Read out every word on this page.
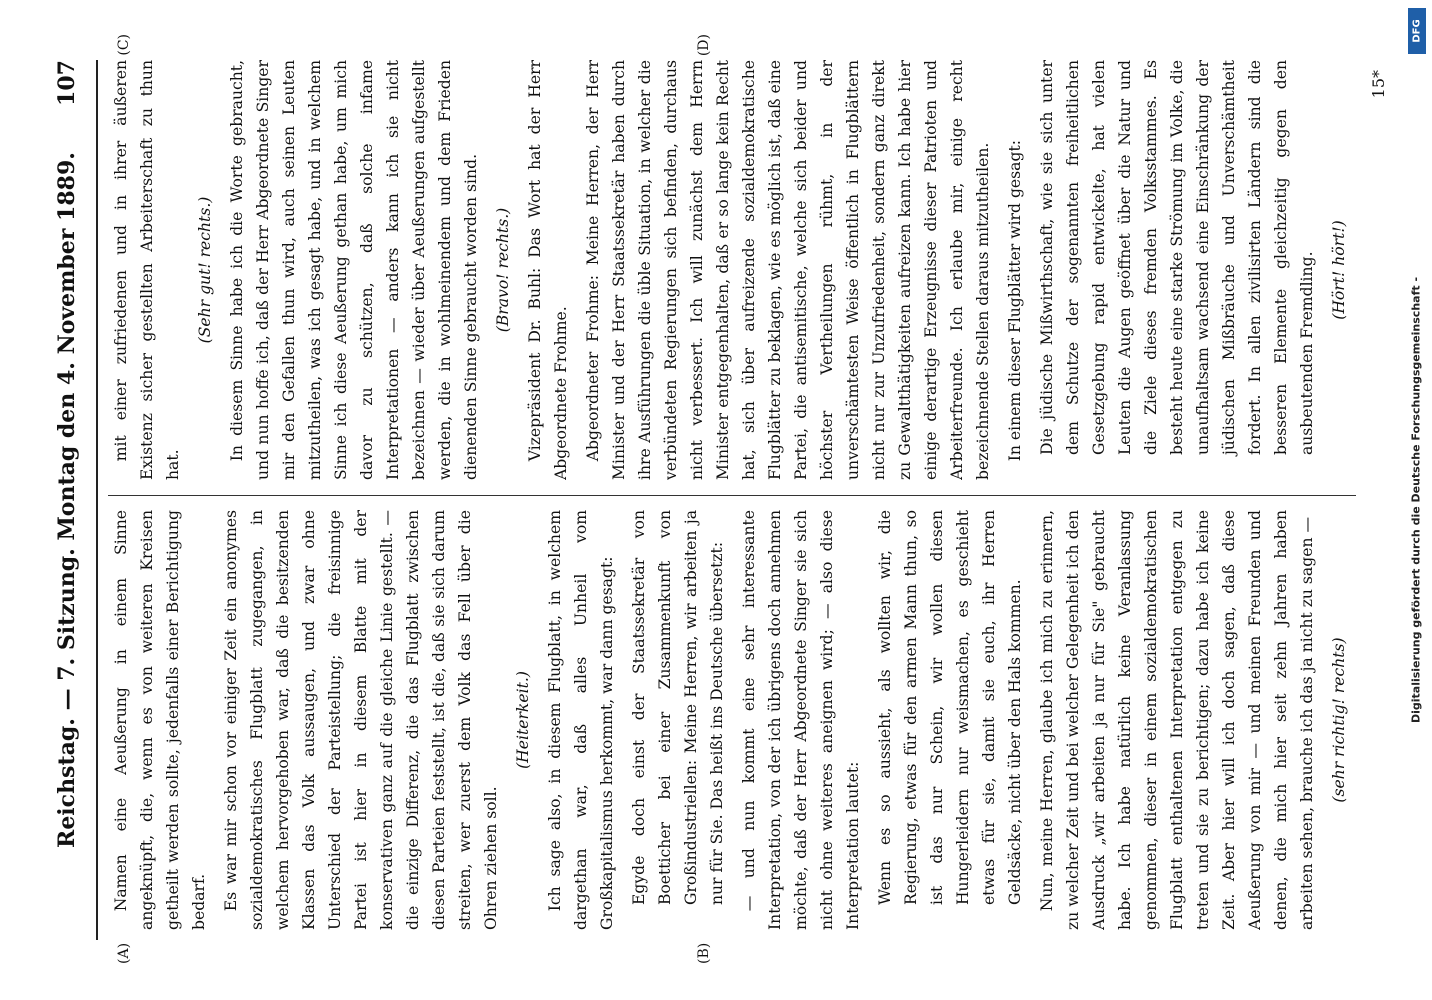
Reichstag. — 7. Sitzung. Montag den 4. November 1889.
107
(A)	(B)
(C)	(D)

Namen eine Aeußerung in einem Sinne angeknüpft, die, wenn es von weiteren Kreisen getheilt werden sollte, jedenfalls einer Berichtigung bedarf. Es war mir schon vor einiger Zeit ein anonymes sozialdemokratisches Flugblatt zugegangen, in welchem hervorgehoben war, daß die besitzenden Klassen das Volk aussaugen, und zwar ohne Unterschied der Parteistellung; die freisinnige Partei ist hier in diesem Blatte mit der konservativen ganz auf die gleiche Linie gestellt. — die einzige Differenz, die das Flugblatt zwischen diesen Parteien feststellt, ist die, daß sie sich darum streiten, wer zuerst dem Volk das Fell über die Ohren ziehen soll.

(Heiterkeit.) Ich sage also, in diesem Flugblatt, in welchem dargethan war, daß alles Unheil vom Großkapitalismus herkommt, war dann gesagt: Egyde doch einst der Staatssekretär von Boetticher bei einer Zusammenkunft von Großindustriellen: Meine Herren, wir arbeiten ja nur für Sie. Das heißt ins Deutsche übersetzt: — und nun kommt eine sehr interessante Interpretation, von der ich übrigens doch annehmen möchte, daß der Herr Abgeordnete Singer sie sich nicht ohne weiteres aneignen wird; — also diese Interpretation lautet: Wenn es so aussieht, als wollten wir, die Regierung, etwas für den armen Mann thun, so ist das nur Schein, wir wollen diesen Hungerleidern nur weismachen, es geschieht etwas für sie, damit sie euch, ihr Herren Geldsäcke, nicht über den Hals kommen. Nun, meine Herren, glaube ich mich zu erinnern, zu welcher Zeit und bei welcher Gelegenheit ich den Ausdruck „wir arbeiten ja nur für Sie" gebraucht habe. Ich habe natürlich keine Veranlassung genommen, dieser in einem sozialdemokratischen Flugblatt enthaltenen Interpretation entgegen zu treten und sie zu berichtigen; dazu habe ich keine Zeit. Aber hier will ich doch sagen, daß diese Aeußerung von mir — und meinen Freunden und denen, die mich hier seit zehn Jahren haben arbeiten sehen, brauche ich das ja nicht zu sagen — (sehr richtig! rechts)

mit einer zufriedenen und in ihrer äußeren Existenz sicher gestellten Arbeiterschaft zu thun hat.

(Sehr gut! rechts.) In diesem Sinne habe ich die Worte gebraucht, und nun hoffe ich, daß der Herr Abgeordnete Singer mir den Gefallen thun wird, auch seinen Leuten mitzutheilen, was ich gesagt habe, und in welchem Sinne ich diese Aeußerung gethan habe, um mich davor zu schützen, daß solche infame Interpretationen — anders kann ich sie nicht bezeichnen — wieder über Aeußerungen aufgestellt werden, die in wohlmeinendem und dem Frieden dienenden Sinne gebraucht worden sind. (Bravo! rechts.) Vizepräsident Dr. Buhl: Das Wort hat der Herr Abgeordnete Frohme. Abgeordneter Frohme: Meine Herren, der Herr Minister und der Herr Staatssekretär haben durch ihre Ausführungen die üble Situation, in welcher die verbündeten Regierungen sich befinden, durchaus nicht verbessert. Ich will zunächst dem Herrn Minister entgegenhalten, daß er so lange kein Recht hat, sich über aufreizende sozialdemokratische Flugblätter zu beklagen, wie es möglich ist, daß eine Partei, die antisemitische, welche sich beider und höchster Vertheilungen rühmt, in der unverschämtesten Weise öffentlich in Flugblättern nicht nur zur Unzufriedenheit, sondern ganz direkt zu Gewaltthätigkeiten aufreizen kann. Ich habe hier einige derartige Erzeugnisse dieser Patrioten und Arbeiterfreunde. Ich erlaube mir, einige recht bezeichnende Stellen daraus mitzutheilen. In einem dieser Flugblätter wird gesagt: Die jüdische Mißwirthschaft, wie sie sich unter dem Schutze der sogenannten freiheitlichen Gesetzgebung rapid entwickelte, hat vielen Leuten die Augen geöffnet über die Natur und die Ziele dieses fremden Volksstammes. Es besteht heute eine starke Strömung im Volke, die unaufhaltsam wachsend eine Einschränkung der jüdischen Mißbräuche und Unverschämtheit fordert. In allen zivilisirten Ländern sind die besseren Elemente gleichzeitig gegen den ausbeutenden Fremdling. (Hört! hört!)

15*
DFG
Digitalisierung gefördert durch die Deutsche Forschungsgemeinschaft -
